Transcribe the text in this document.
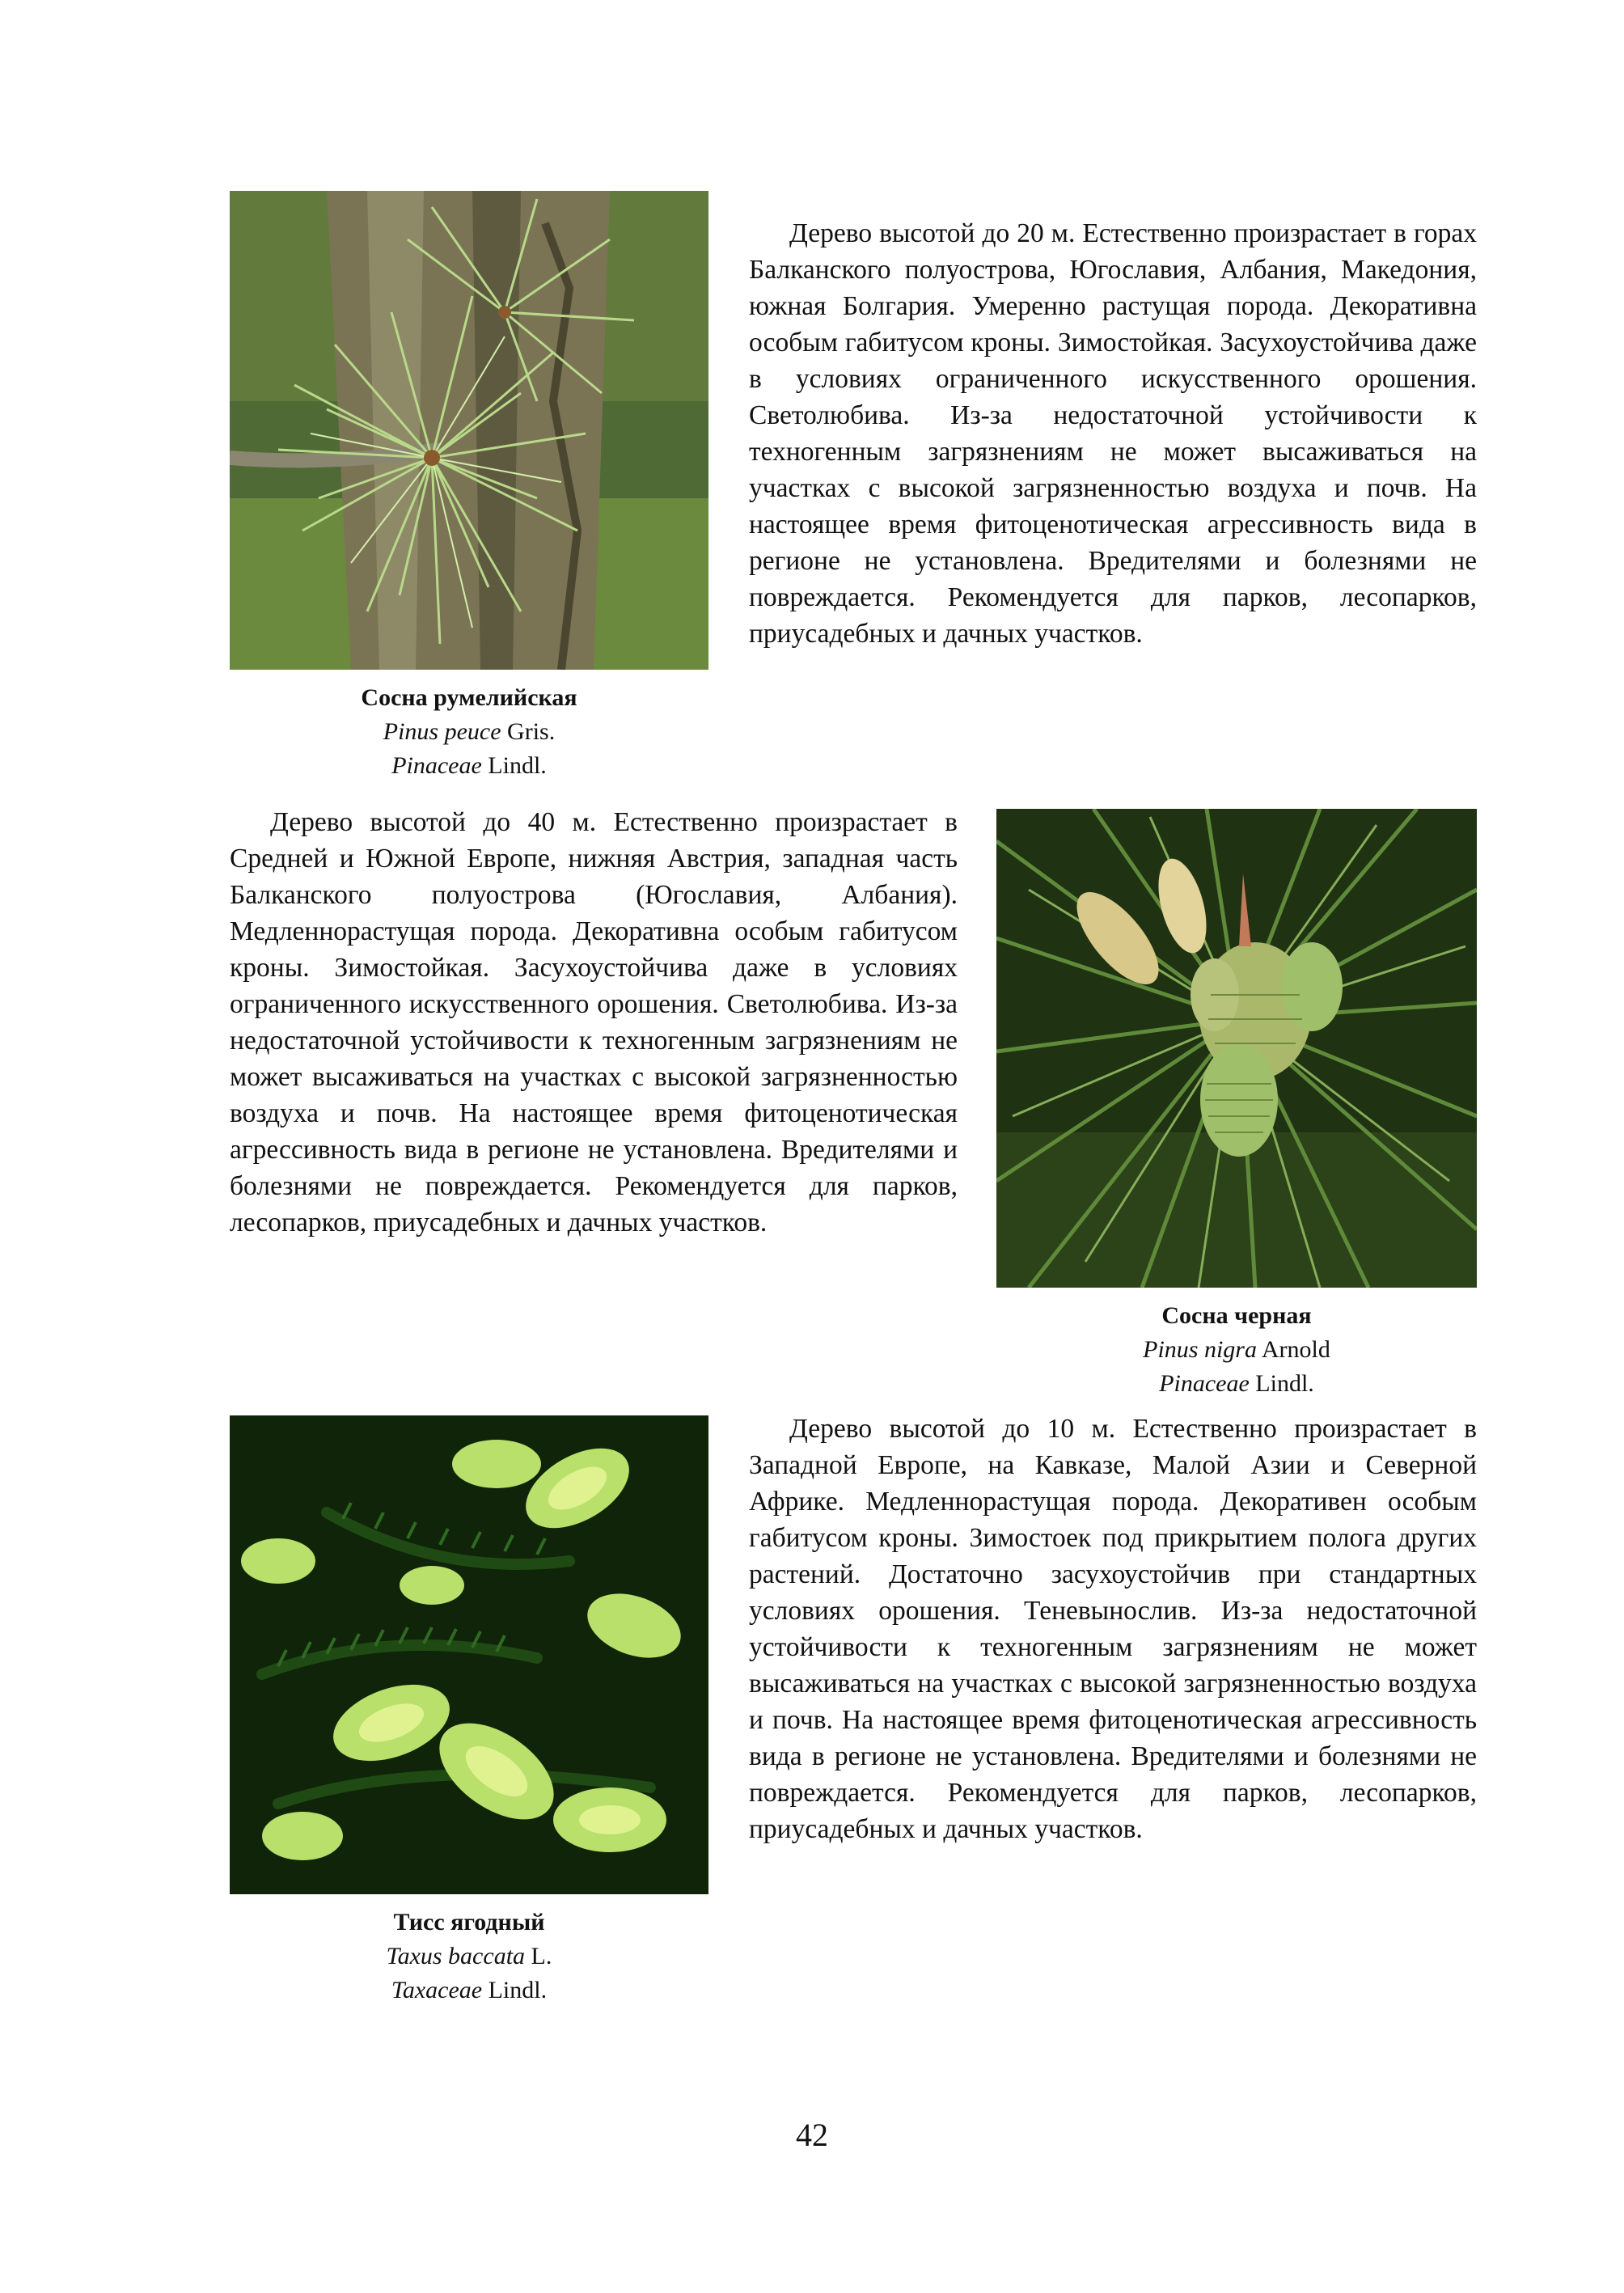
Дерево высотой до 20 м. Естественно произрастает в горах Балканского полуострова, Югославия, Албания, Македония, южная Болгария. Умеренно растущая порода. Декоративна особым габитусом кроны. Зимостойкая. Засухоустойчива даже в условиях ограниченного искусственного орошения. Светолюбива. Из-за недостаточной устойчивости к техногенным загрязнениям не может высаживаться на участках с высокой загрязненностью воздуха и почв. На настоящее время фитоценотическая агрессивность вида в регионе не установлена. Вредителями и болезнями не повреждается. Рекомендуется для парков, лесопарков, приусадебных и дачных участков.

Сосна румелийская
Pinus peuce Gris.
Pinaceae Lindl.

Дерево высотой до 40 м. Естественно произрастает в Средней и Южной Европе, нижняя Австрия, западная часть Балканского полуострова (Югославия, Албания). Медленнорастущая порода. Декоративна особым габитусом кроны. Зимостойкая. Засухоустойчива даже в условиях ограниченного искусственного орошения. Светолюбива. Из-за недостаточной устойчивости к техногенным загрязнениям не может высаживаться на участках с высокой загрязненностью воздуха и почв. На настоящее время фитоценотическая агрессивность вида в регионе не установлена. Вредителями и болезнями не повреждается. Рекомендуется для парков, лесопарков, приусадебных и дачных участков.

Сосна черная
Pinus nigra Arnold
Pinaceae Lindl.

Дерево высотой до 10 м. Естественно произрастает в Западной Европе, на Кавказе, Малой Азии и Северной Африке. Медленнорастущая порода. Декоративен особым габитусом кроны. Зимостоек под прикрытием полога других растений. Достаточно засухоустойчив при стандартных условиях орошения. Теневынослив. Из-за недостаточной устойчивости к техногенным загрязнениям не может высаживаться на участках с высокой загрязненностью воздуха и почв. На настоящее время фитоценотическая агрессивность вида в регионе не установлена. Вредителями и болезнями не повреждается. Рекомендуется для парков, лесопарков, приусадебных и дачных участков.

Тисс ягодный
Taxus baccata L.
Taxaceae Lindl.
42
